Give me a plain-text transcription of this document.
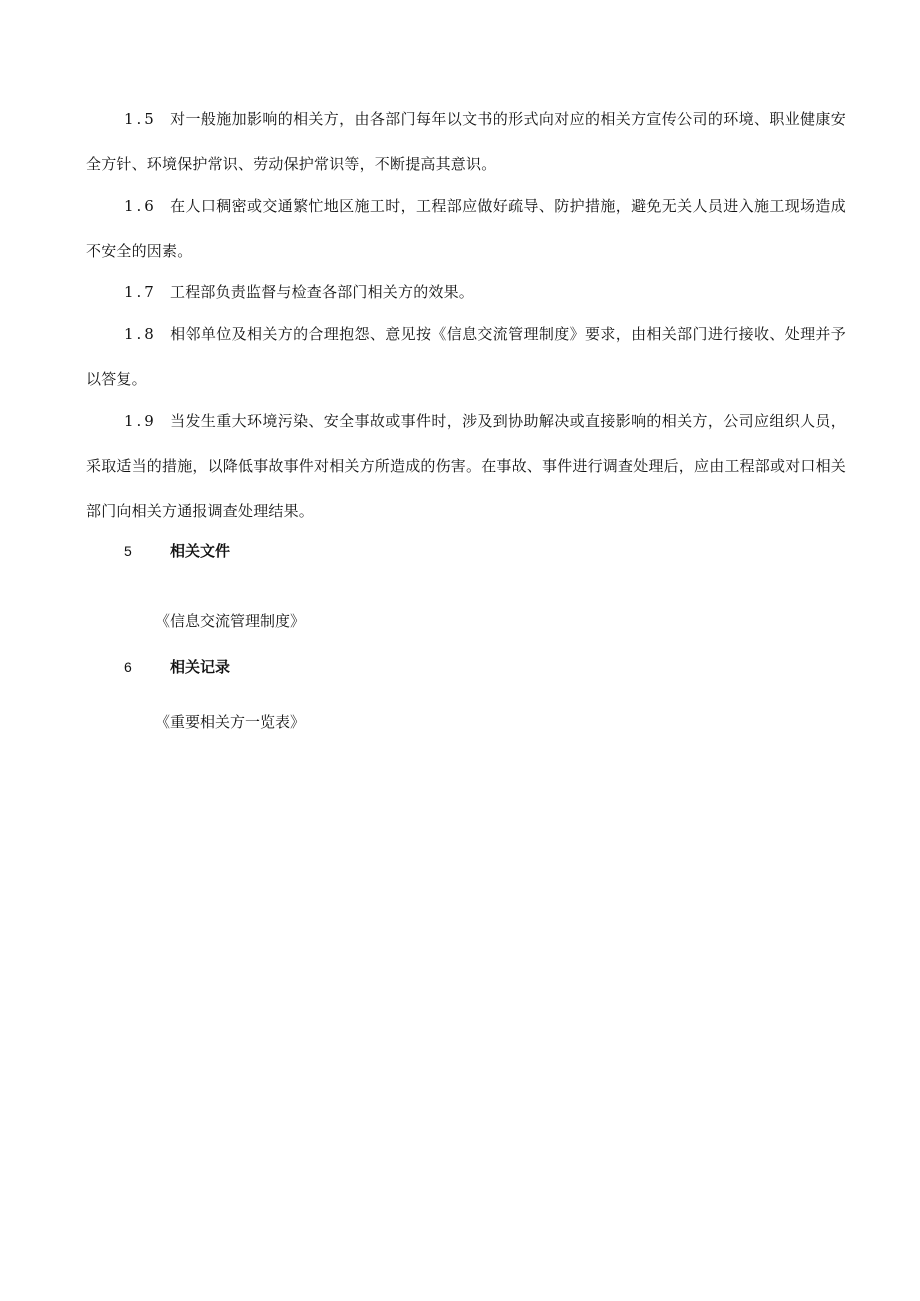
1.5 对一般施加影响的相关方，由各部门每年以文书的形式向对应的相关方宣传公司的环境、职业健康安全方针、环境保护常识、劳动保护常识等，不断提高其意识。

1.6 在人口稠密或交通繁忙地区施工时，工程部应做好疏导、防护措施，避免无关人员进入施工现场造成不安全的因素。

1.7 工程部负责监督与检查各部门相关方的效果。

1.8 相邻单位及相关方的合理抱怨、意见按《信息交流管理制度》要求，由相关部门进行接收、处理并予以答复。

1.9 当发生重大环境污染、安全事故或事件时，涉及到协助解决或直接影响的相关方，公司应组织人员，采取适当的措施，以降低事故事件对相关方所造成的伤害。在事故、事件进行调查处理后，应由工程部或对口相关部门向相关方通报调查处理结果。

5	相关文件

《信息交流管理制度》

6	相关记录

《重要相关方一览表》
